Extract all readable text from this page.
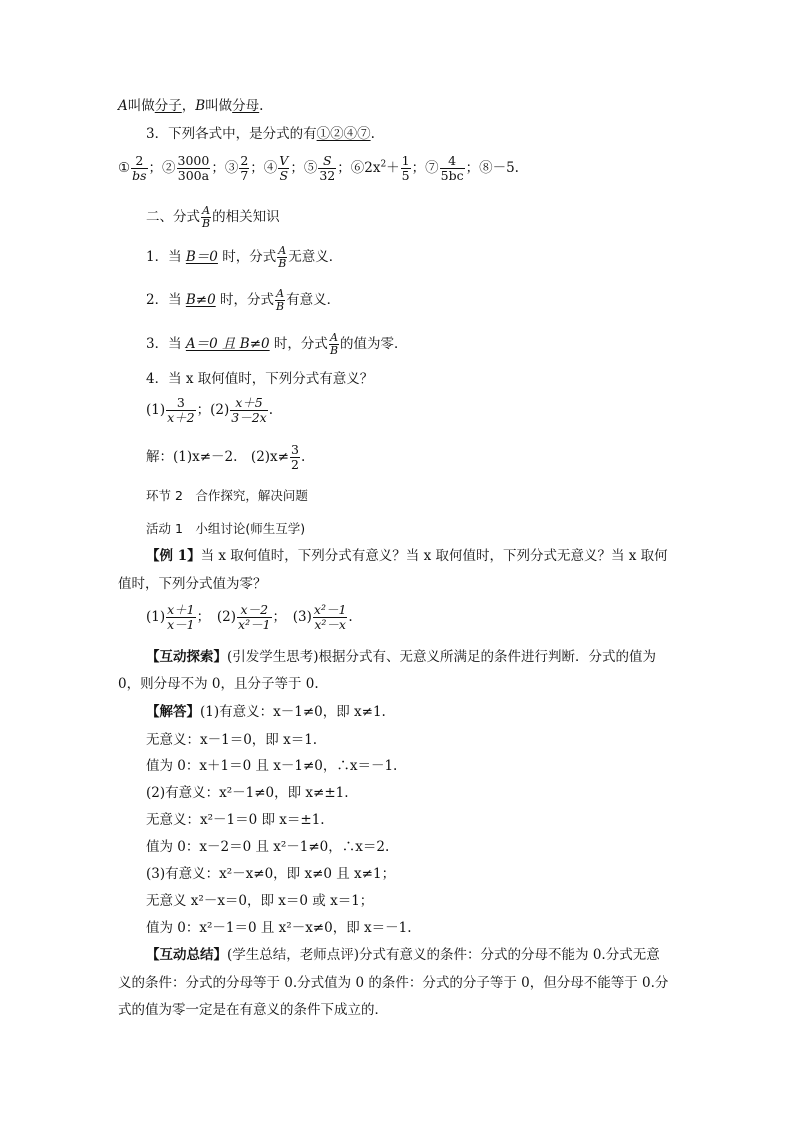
A叫做分子，B叫做分母.
3．下列各式中，是分式的有①②④⑦.
① $\frac{2}{bs}$ ；② $\frac{3000}{300a}$ ；③ $\frac{2}{7}$ ；④ $\frac{V}{S}$ ；⑤ $\frac{S}{32}$ ；$⑥2x^2+ \frac{1}{5}$ ；⑦ $\frac{4}{5bc}$ ；⑧－5.
二、分式 $\frac{A}{B}$ 的相关知识
1．当 B＝0 时，分式 $\frac{A}{B}$ 无意义．
2．当 B≠0 时，分式 $\frac{A}{B}$ 有意义．
3．当 A＝0 且 B≠0 时，分式 $\frac{A}{B}$ 的值为零．
4．当 x 取何值时，下列分式有意义？
$(1) \frac{3}{x+2}$ ；$(2) \frac{x+5}{3-2x}$ .
解：(1)x≠－2.　$(2)x\ne \frac{3}{2}$ .
环节 2　合作探究，解决问题
活动 1　小组讨论(师生互学)
【例 1】当 x 取何值时，下列分式有意义？当 x 取何值时，下列分式无意义？当 x 取何
值时，下列分式值为零？
$(1) \frac{x+1}{x-1}$ ；　$(2) \frac{x-2}{\text{x²－1}}$ ；　$(3) \frac{\text{x²－1}}{\text{x²－x}}$ .
【互动探索】(引发学生思考)根据分式有、无意义所满足的条件进行判断．分式的值为
0，则分母不为 0，且分子等于 0.
【解答】(1)有意义：x－1≠0，即 x≠1.
无意义：x－1＝0，即 x＝1.
值为 0：x＋1＝0 且 x－1≠0，∴x＝－1.
(2)有意义：x²－1≠0，即 x≠±1.
无意义：x²－1＝0 即 x＝±1.
值为 0：x－2＝0 且 x²－1≠0，∴x＝2.
(3)有意义：x²－x≠0，即 x≠0 且 x≠1；
无意义 x²－x＝0，即 x＝0 或 x＝1；
值为 0：x²－1＝0 且 x²－x≠0，即 x＝－1.
【互动总结】(学生总结，老师点评)分式有意义的条件：分式的分母不能为 0.分式无意
义的条件：分式的分母等于 0.分式值为 0 的条件：分式的分子等于 0，但分母不能等于 0.分
式的值为零一定是在有意义的条件下成立的．
